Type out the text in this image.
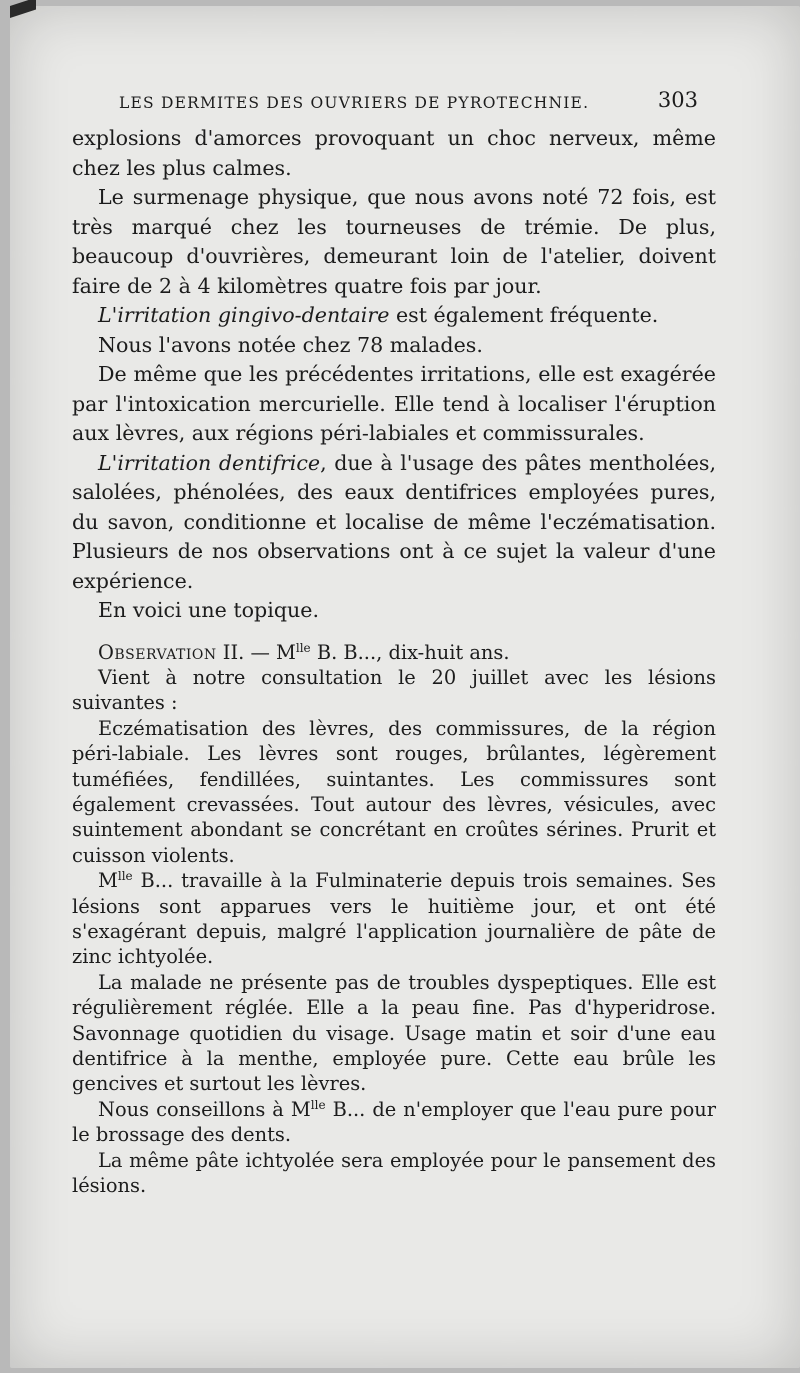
LES DERMITES DES OUVRIERS DE PYROTECHNIE.	303

explosions d'amorces provoquant un choc nerveux, même chez les plus calmes.

Le surmenage physique, que nous avons noté 72 fois, est très marqué chez les tourneuses de trémie. De plus, beaucoup d'ouvrières, demeurant loin de l'atelier, doivent faire de 2 à 4 kilomètres quatre fois par jour.

L'irritation gingivo-dentaire est également fréquente.

Nous l'avons notée chez 78 malades.

De même que les précédentes irritations, elle est exagérée par l'intoxication mercurielle. Elle tend à localiser l'éruption aux lèvres, aux régions péri-labiales et commissurales.

L'irritation dentifrice, due à l'usage des pâtes mentholées, salolées, phénolées, des eaux dentifrices employées pures, du savon, conditionne et localise de même l'eczématisation. Plusieurs de nos observations ont à ce sujet la valeur d'une expérience.

En voici une topique.

Observation II. — $M^{lle}$ B. B..., dix-huit ans.

Vient à notre consultation le 20 juillet avec les lésions suivantes :

Eczématisation des lèvres, des commissures, de la région péri-labiale. Les lèvres sont rouges, brûlantes, légèrement tuméfiées, fendillées, suintantes. Les commissures sont également crevassées. Tout autour des lèvres, vésicules, avec suintement abondant se concrétant en croûtes sérines. Prurit et cuisson violents.

$M^{lle}$ B... travaille à la Fulminaterie depuis trois semaines. Ses lésions sont apparues vers le huitième jour, et ont été s'exagérant depuis, malgré l'application journalière de pâte de zinc ichtyolée.

La malade ne présente pas de troubles dyspeptiques. Elle est régulièrement réglée. Elle a la peau fine. Pas d'hyperidrose. Savonnage quotidien du visage. Usage matin et soir d'une eau dentifrice à la menthe, employée pure. Cette eau brûle les gencives et surtout les lèvres.

Nous conseillons à $M^{lle}$ B... de n'employer que l'eau pure pour le brossage des dents.

La même pâte ichtyolée sera employée pour le pansement des lésions.
